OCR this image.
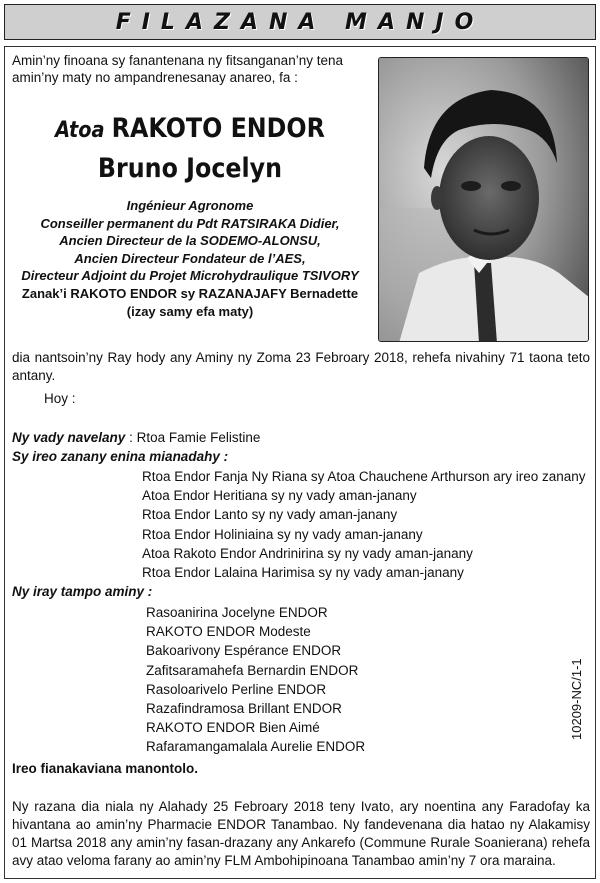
FILAZANA MANJO
Amin’ny finoana sy fanantenana ny fitsanganan’ny tena amin’ny maty no ampandrenesanay anareo, fa :
Atoa RAKOTO ENDOR
Bruno Jocelyn
Ingénieur Agronome
Conseiller permanent du Pdt RATSIRAKA Didier,
Ancien Directeur de la SODEMO-ALONSU,
Ancien Directeur Fondateur de l’AES,
Directeur Adjoint du Projet Microhydraulique TSIVORY
Zanak’i RAKOTO ENDOR sy RAZANAJAFY Bernadette
(izay samy efa maty)
dia nantsoin’ny Ray hody any Aminy ny Zoma 23 Febroary 2018, rehefa nivahiny 71 taona teto antany.
Hoy :
Ny vady navelany : Rtoa Famie Felistine
Sy ireo zanany enina mianadahy :
Rtoa Endor Fanja Ny Riana sy Atoa Chauchene Arthurson ary ireo zanany
Atoa Endor Heritiana sy ny vady aman-janany
Rtoa Endor Lanto sy ny vady aman-janany
Rtoa Endor Holiniaina sy ny vady aman-janany
Atoa Rakoto Endor Andrinirina sy ny vady aman-janany
Rtoa Endor Lalaina Harimisa sy ny vady aman-janany
Ny iray tampo aminy :
Rasoanirina Jocelyne ENDOR
RAKOTO ENDOR Modeste
Bakoarivony Espérance ENDOR
Zafitsaramahefa Bernardin ENDOR
Rasoloarivelo Perline ENDOR
Razafindramosa Brillant ENDOR
RAKOTO ENDOR Bien Aimé
Rafaramangamalala Aurelie ENDOR
Ireo fianakaviana manontolo.
Ny razana dia niala ny Alahady 25 Febroary 2018 teny Ivato, ary noentina any Faradofay ka hivantana ao amin’ny Pharmacie ENDOR Tanambao. Ny fandevenana dia hatao ny Alakamisy 01 Martsa 2018 any amin’ny fasan-drazany any Ankarefo (Commune Rurale Soanierana) rehefa avy atao veloma farany ao amin’ny FLM Ambohipinoana Tanambao amin’ny 7 ora maraina.
10209-NC/1-1
